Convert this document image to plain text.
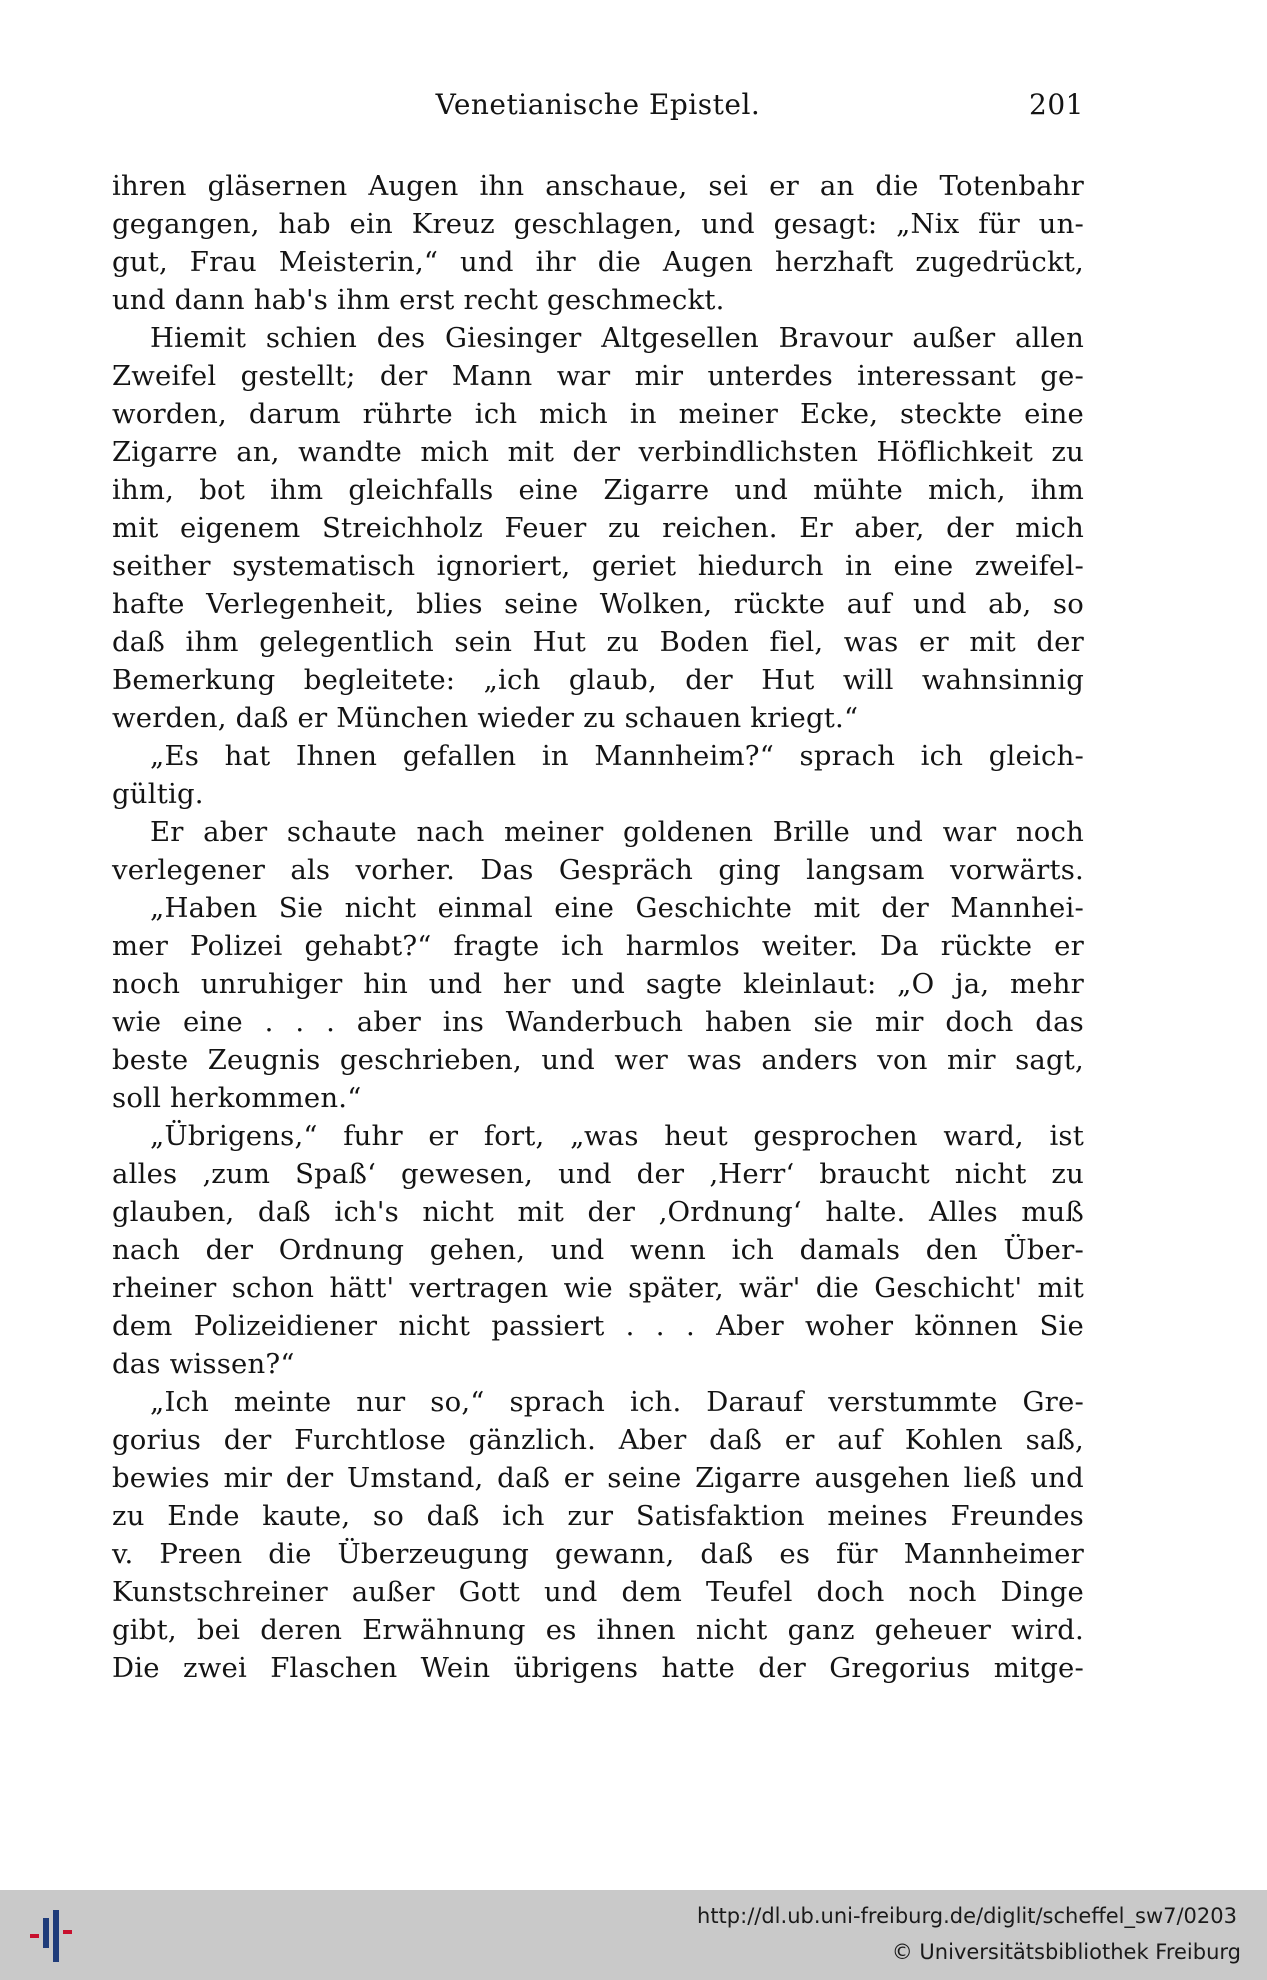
Venetianische Epistel.	201
ihren gläsernen Augen ihn anschaue, sei er an die Totenbahr
gegangen, hab ein Kreuz geschlagen, und gesagt: „Nix für un-
gut, Frau Meisterin,“ und ihr die Augen herzhaft zugedrückt,
und dann hab's ihm erst recht geschmeckt.
Hiemit schien des Giesinger Altgesellen Bravour außer allen
Zweifel gestellt; der Mann war mir unterdes interessant ge-
worden, darum rührte ich mich in meiner Ecke, steckte eine
Zigarre an, wandte mich mit der verbindlichsten Höflichkeit zu
ihm, bot ihm gleichfalls eine Zigarre und mühte mich, ihm
mit eigenem Streichholz Feuer zu reichen. Er aber, der mich
seither systematisch ignoriert, geriet hiedurch in eine zweifel-
hafte Verlegenheit, blies seine Wolken, rückte auf und ab, so
daß ihm gelegentlich sein Hut zu Boden fiel, was er mit der
Bemerkung begleitete: „ich glaub, der Hut will wahnsinnig
werden, daß er München wieder zu schauen kriegt.“
„Es hat Ihnen gefallen in Mannheim?“ sprach ich gleich-
gültig.
Er aber schaute nach meiner goldenen Brille und war noch
verlegener als vorher. Das Gespräch ging langsam vorwärts.
„Haben Sie nicht einmal eine Geschichte mit der Mannhei-
mer Polizei gehabt?“ fragte ich harmlos weiter. Da rückte er
noch unruhiger hin und her und sagte kleinlaut: „O ja, mehr
wie eine . . . aber ins Wanderbuch haben sie mir doch das
beste Zeugnis geschrieben, und wer was anders von mir sagt,
soll herkommen.“
„Übrigens,“ fuhr er fort, „was heut gesprochen ward, ist
alles ‚zum Spaß‘ gewesen, und der ‚Herr‘ braucht nicht zu
glauben, daß ich's nicht mit der ‚Ordnung‘ halte. Alles muß
nach der Ordnung gehen, und wenn ich damals den Über-
rheiner schon hätt' vertragen wie später, wär' die Geschicht' mit
dem Polizeidiener nicht passiert . . . Aber woher können Sie
das wissen?“
„Ich meinte nur so,“ sprach ich. Darauf verstummte Gre-
gorius der Furchtlose gänzlich. Aber daß er auf Kohlen saß,
bewies mir der Umstand, daß er seine Zigarre ausgehen ließ und
zu Ende kaute, so daß ich zur Satisfaktion meines Freundes
v. Preen die Überzeugung gewann, daß es für Mannheimer
Kunstschreiner außer Gott und dem Teufel doch noch Dinge
gibt, bei deren Erwähnung es ihnen nicht ganz geheuer wird.
Die zwei Flaschen Wein übrigens hatte der Gregorius mitge-
http://dl.ub.uni-freiburg.de/diglit/scheffel_sw7/0203
© Universitätsbibliothek Freiburg
